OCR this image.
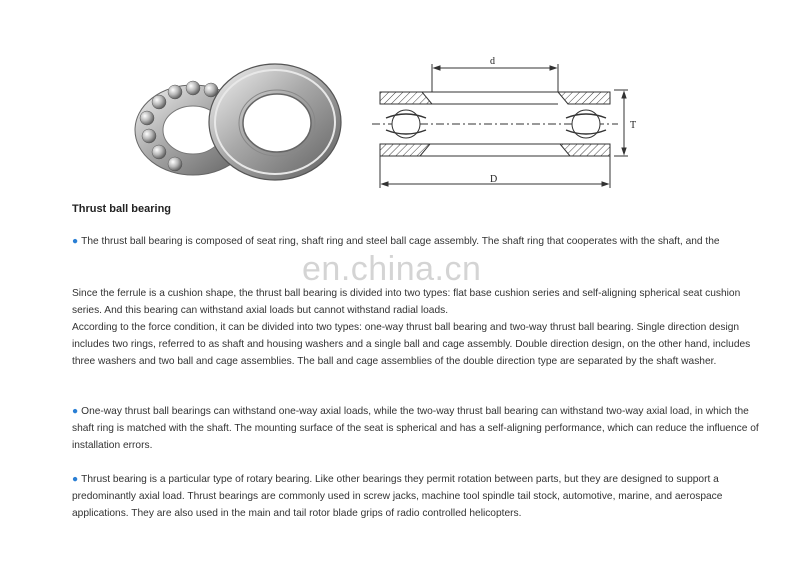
d
D
T
Thrust ball bearing

● The thrust ball bearing is composed of seat ring, shaft ring and steel ball cage assembly. The shaft ring that cooperates with the shaft, and the

en.china.cn

Since the ferrule is a cushion shape, the thrust ball bearing is divided into two types: flat base cushion series and self-aligning spherical seat cushion series. And this bearing can withstand axial loads but cannot withstand radial loads.
According to the force condition, it can be divided into two types: one-way thrust ball bearing and two-way thrust ball bearing. Single direction design includes two rings, referred to as shaft and housing washers and a single ball and cage assembly. Double direction design, on the other hand, includes three washers and two ball and cage assemblies. The ball and cage assemblies of the double direction type are separated by the shaft washer.

● One-way thrust ball bearings can withstand one-way axial loads, while the two-way thrust ball bearing can withstand two-way axial load, in which the shaft ring is matched with the shaft. The mounting surface of the seat is spherical and has a self-aligning performance, which can reduce the influence of installation errors.

● Thrust bearing is a particular type of rotary bearing. Like other bearings they permit rotation between parts, but they are designed to support a predominantly axial load. Thrust bearings are commonly used in screw jacks, machine tool spindle tail stock, automotive, marine, and aerospace applications. They are also used in the main and tail rotor blade grips of radio controlled helicopters.
